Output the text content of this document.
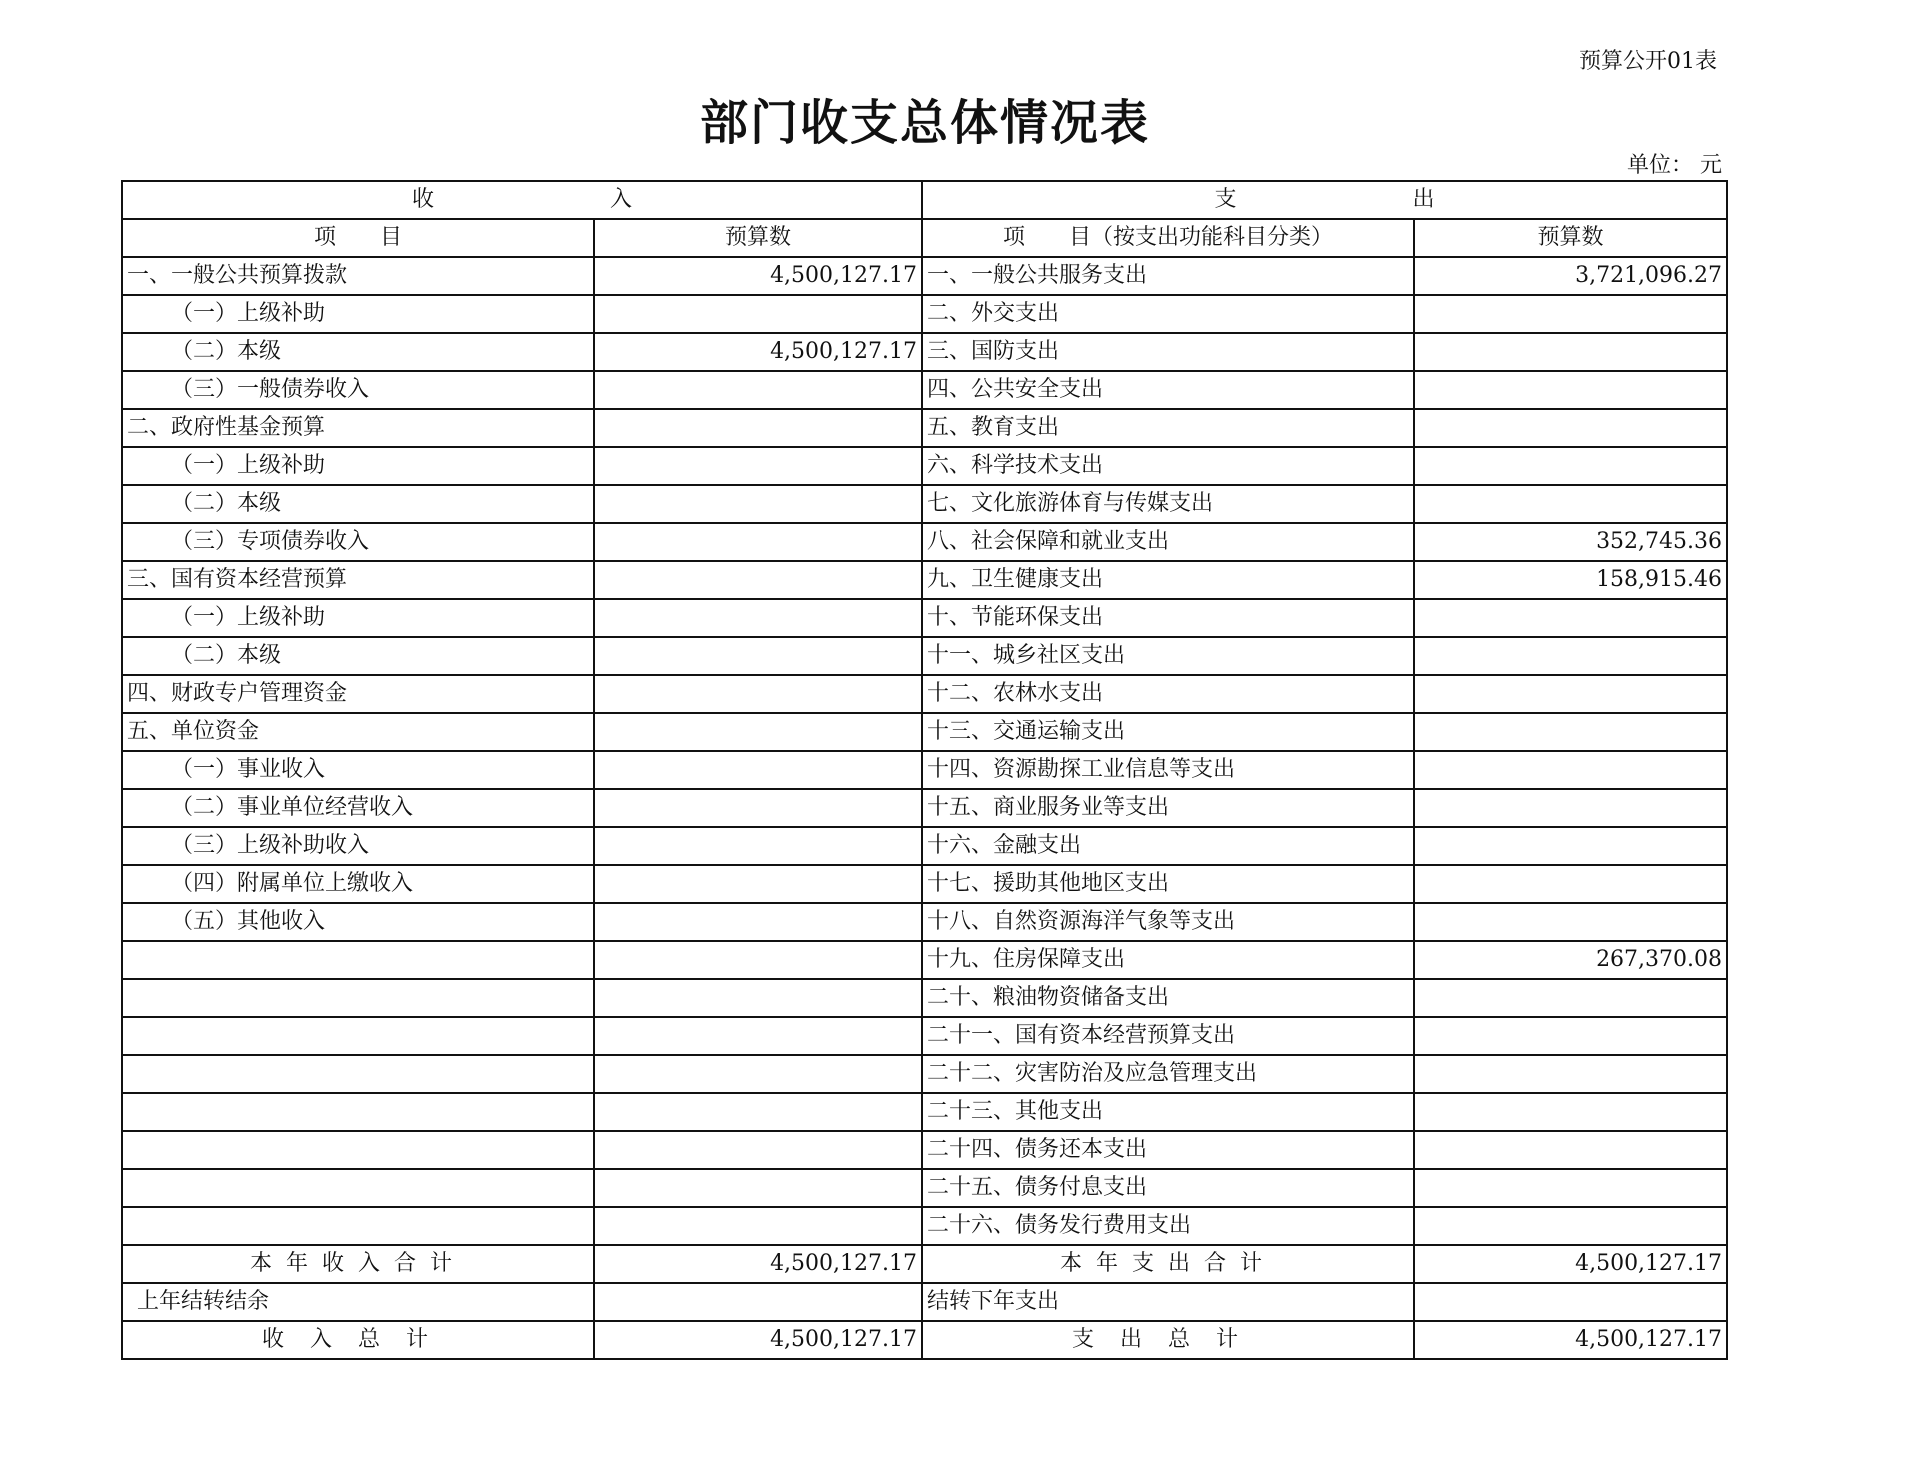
预算公开01表
部门收支总体情况表
单位： 元
收　　　　　　　　入		支　　　　　　　　出	
项　　目	预算数	项　　目（按支出功能科目分类）	预算数
一、一般公共预算拨款	4,500,127.17	一、一般公共服务支出	3,721,096.27
（一）上级补助		二、外交支出	
（二）本级	4,500,127.17	三、国防支出	
（三）一般债券收入		四、公共安全支出	
二、政府性基金预算		五、教育支出	
（一）上级补助		六、科学技术支出	
（二）本级		七、文化旅游体育与传媒支出	
（三）专项债券收入		八、社会保障和就业支出	352,745.36
三、国有资本经营预算		九、卫生健康支出	158,915.46
（一）上级补助		十、节能环保支出	
（二）本级		十一、城乡社区支出	
四、财政专户管理资金		十二、农林水支出	
五、单位资金		十三、交通运输支出	
（一）事业收入		十四、资源勘探工业信息等支出	
（二）事业单位经营收入		十五、商业服务业等支出	
（三）上级补助收入		十六、金融支出	
（四）附属单位上缴收入		十七、援助其他地区支出	
（五）其他收入		十八、自然资源海洋气象等支出	
		十九、住房保障支出	267,370.08
		二十、粮油物资储备支出	
		二十一、国有资本经营预算支出	
		二十二、灾害防治及应急管理支出	
		二十三、其他支出	
		二十四、债务还本支出	
		二十五、债务付息支出	
		二十六、债务发行费用支出	
本年收入合计	4,500,127.17	本年支出合计	4,500,127.17
上年结转结余		结转下年支出	
收入总计	4,500,127.17	支出总计	4,500,127.17
